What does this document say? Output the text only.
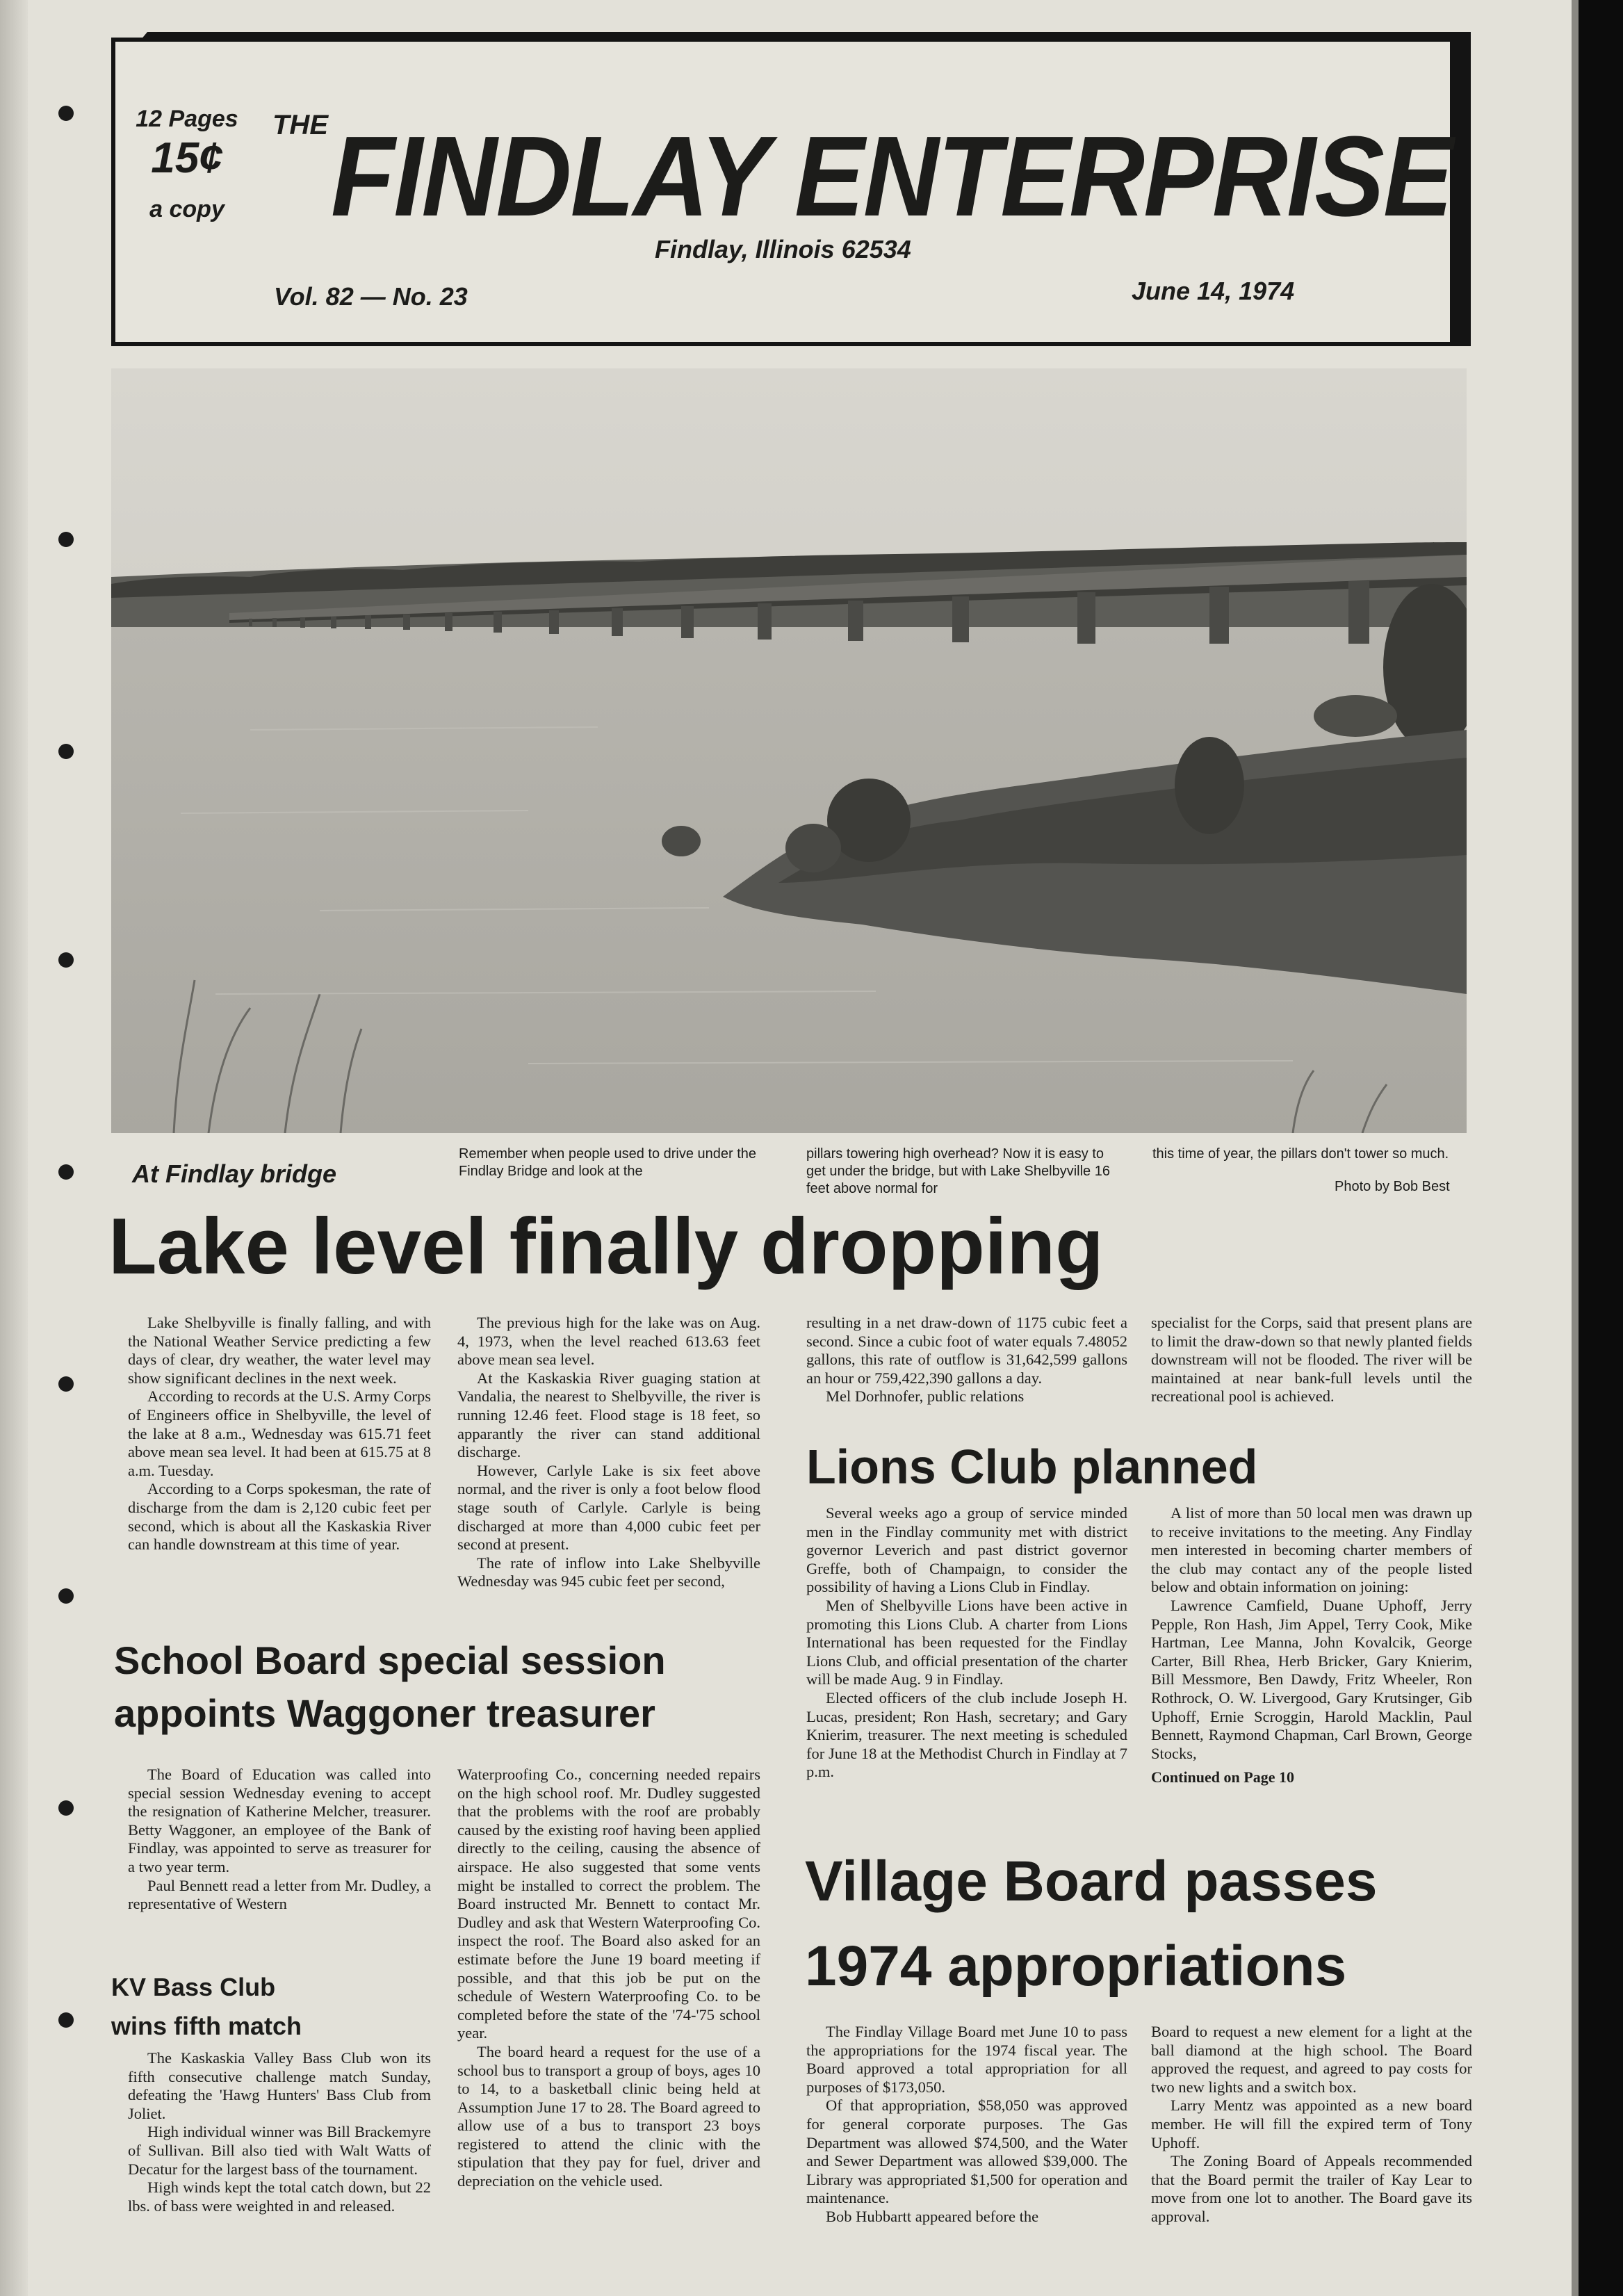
12 Pages
15¢
a copy
THE FINDLAY ENTERPRISE
Findlay, Illinois 62534
Vol. 82 — No. 23	June 14, 1974
At Findlay bridge
Remember when people used to drive under the Findlay Bridge and look at the
pillars towering high overhead? Now it is easy to get under the bridge, but with Lake Shelbyville 16 feet above normal for
this time of year, the pillars don't tower so much.
Photo by Bob Best
Lake level finally dropping

Lake Shelbyville is finally falling, and with the National Weather Service predicting a few days of clear, dry weather, the water level may show significant declines in the next week.

According to records at the U.S. Army Corps of Engineers office in Shelbyville, the level of the lake at 8 a.m., Wednesday was 615.71 feet above mean sea level. It had been at 615.75 at 8 a.m. Tuesday.

According to a Corps spokesman, the rate of discharge from the dam is 2,120 cubic feet per second, which is about all the Kaskaskia River can handle downstream at this time of year.

The previous high for the lake was on Aug. 4, 1973, when the level reached 613.63 feet above mean sea level.

At the Kaskaskia River guaging station at Vandalia, the nearest to Shelbyville, the river is running 12.46 feet. Flood stage is 18 feet, so apparantly the river can stand additional discharge.

However, Carlyle Lake is six feet above normal, and the river is only a foot below flood stage south of Carlyle. Carlyle is being discharged at more than 4,000 cubic feet per second at present.

The rate of inflow into Lake Shelbyville Wednesday was 945 cubic feet per second,

resulting in a net draw-down of 1175 cubic feet a second. Since a cubic foot of water equals 7.48052 gallons, this rate of outflow is 31,642,599 gallons an hour or 759,422,390 gallons a day.

Mel Dorhnofer, public relations

specialist for the Corps, said that present plans are to limit the draw-down so that newly planted fields downstream will not be flooded. The river will be maintained at near bank-full levels until the recreational pool is achieved.

Lions Club planned

Several weeks ago a group of service minded men in the Findlay community met with district governor Leverich and past district governor Greffe, both of Champaign, to consider the possibility of having a Lions Club in Findlay.

Men of Shelbyville Lions have been active in promoting this Lions Club. A charter from Lions International has been requested for the Findlay Lions Club, and official presentation of the charter will be made Aug. 9 in Findlay.

Elected officers of the club include Joseph H. Lucas, president; Ron Hash, secretary; and Gary Knierim, treasurer. The next meeting is scheduled for June 18 at the Methodist Church in Findlay at 7 p.m.

A list of more than 50 local men was drawn up to receive invitations to the meeting. Any Findlay men interested in becoming charter members of the club may contact any of the people listed below and obtain information on joining:

Lawrence Camfield, Duane Uphoff, Jerry Pepple, Ron Hash, Jim Appel, Terry Cook, Mike Hartman, Lee Manna, John Kovalcik, George Carter, Bill Rhea, Herb Bricker, Gary Knierim, Bill Messmore, Ben Dawdy, Fritz Wheeler, Ron Rothrock, O. W. Livergood, Gary Krutsinger, Gib Uphoff, Ernie Scroggin, Harold Macklin, Paul Bennett, Raymond Chapman, Carl Brown, George Stocks,

Continued on Page 10

School Board special session
appoints Waggoner treasurer

The Board of Education was called into special session Wednesday evening to accept the resignation of Katherine Melcher, treasurer. Betty Waggoner, an employee of the Bank of Findlay, was appointed to serve as treasurer for a two year term.

Paul Bennett read a letter from Mr. Dudley, a representative of Western

Waterproofing Co., concerning needed repairs on the high school roof. Mr. Dudley suggested that the problems with the roof are probably caused by the existing roof having been applied directly to the ceiling, causing the absence of airspace. He also suggested that some vents might be installed to correct the problem. The Board instructed Mr. Bennett to contact Mr. Dudley and ask that Western Waterproofing Co. inspect the roof. The Board also asked for an estimate before the June 19 board meeting if possible, and that this job be put on the schedule of Western Waterproofing Co. to be completed before the state of the '74-'75 school year.

The board heard a request for the use of a school bus to transport a group of boys, ages 10 to 14, to a basketball clinic being held at Assumption June 17 to 28. The Board agreed to allow use of a bus to transport 23 boys registered to attend the clinic with the stipulation that they pay for fuel, driver and depreciation on the vehicle used.

KV Bass Club
wins fifth match

The Kaskaskia Valley Bass Club won its fifth consecutive challenge match Sunday, defeating the 'Hawg Hunters' Bass Club from Joliet.

High individual winner was Bill Brackemyre of Sullivan. Bill also tied with Walt Watts of Decatur for the largest bass of the tournament.

High winds kept the total catch down, but 22 lbs. of bass were weighted in and released.

Village Board passes
1974 appropriations

The Findlay Village Board met June 10 to pass the appropriations for the 1974 fiscal year. The Board approved a total appropriation for all purposes of $173,050.

Of that appropriation, $58,050 was approved for general corporate purposes. The Gas Department was allowed $74,500, and the Water and Sewer Department was allowed $39,000. The Library was appropriated $1,500 for operation and maintenance.

Bob Hubbartt appeared before the

Board to request a new element for a light at the ball diamond at the high school. The Board approved the request, and agreed to pay costs for two new lights and a switch box.

Larry Mentz was appointed as a new board member. He will fill the expired term of Tony Uphoff.

The Zoning Board of Appeals recommended that the Board permit the trailer of Kay Lear to move from one lot to another. The Board gave its approval.
